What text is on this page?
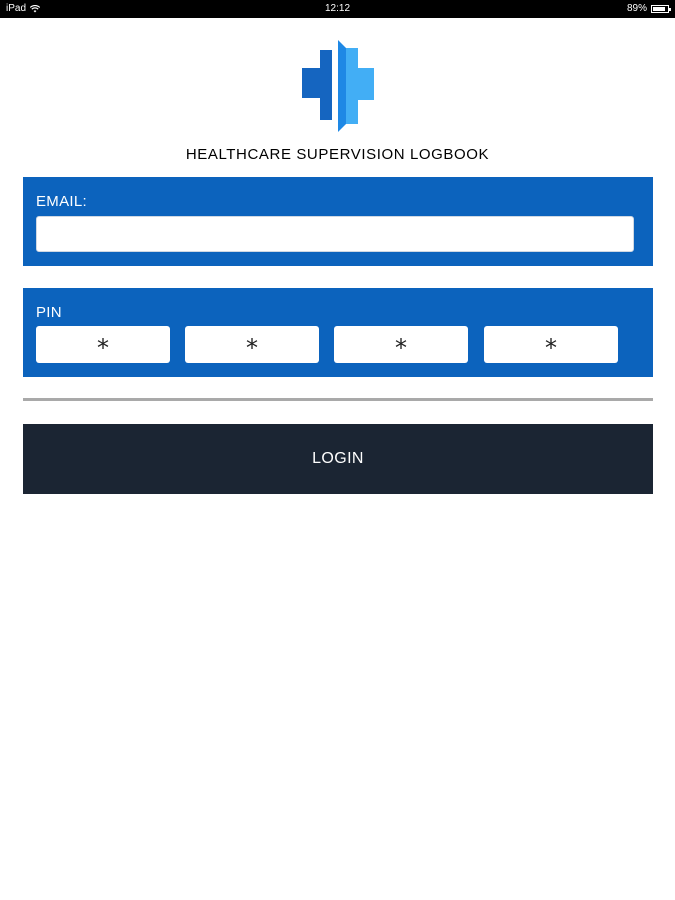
iPad	12:12	89%
HEALTHCARE SUPERVISION LOGBOOK
EMAIL:
PIN
*	*	*	*
LOGIN
